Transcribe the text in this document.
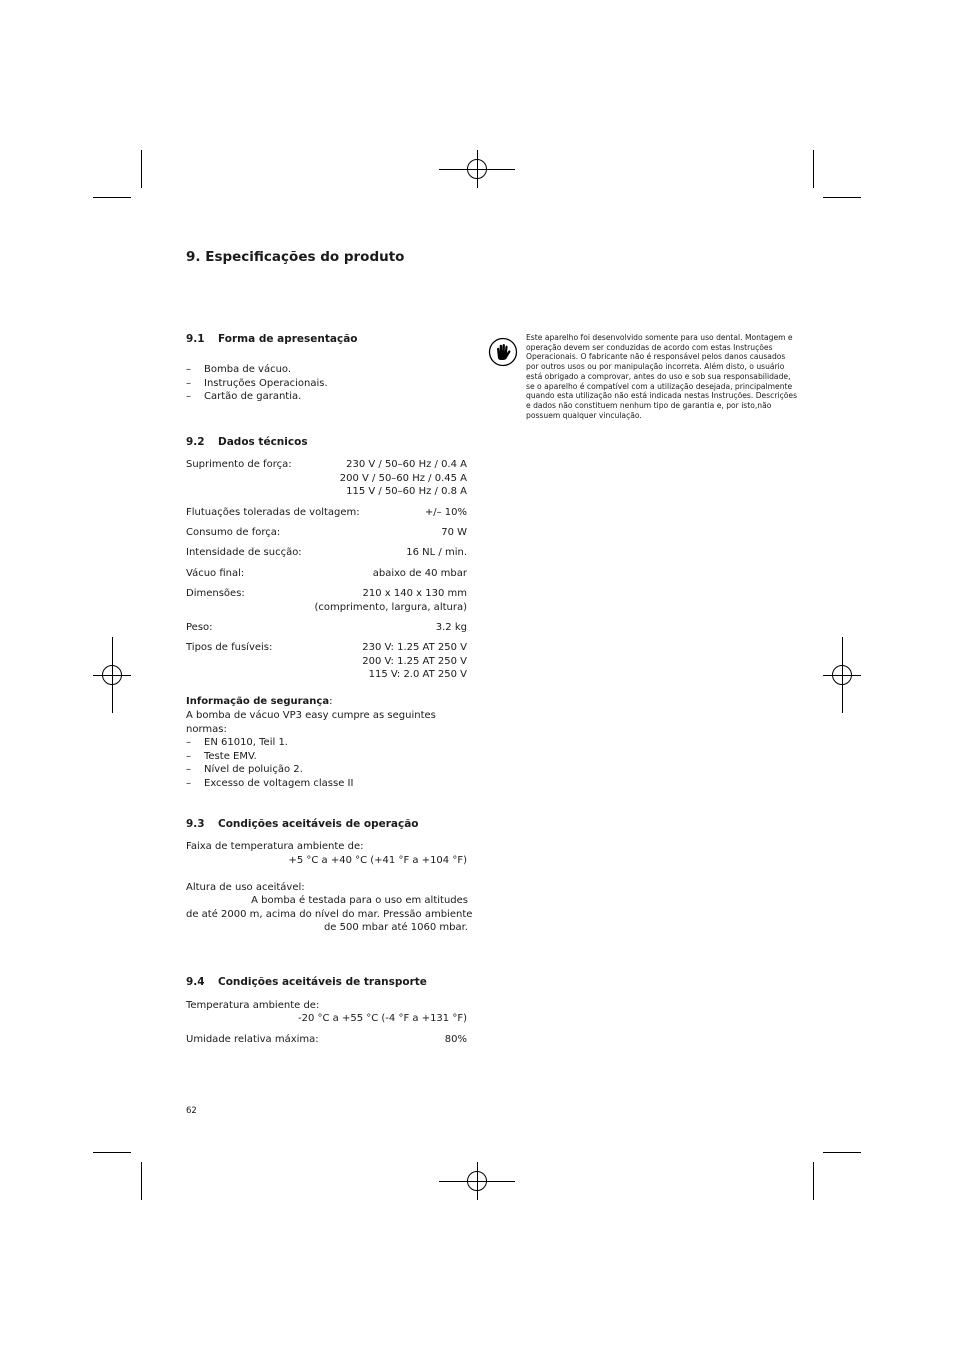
9. Especificações do produto
9.1 Forma de apresentação
– Bomba de vácuo.
– Instruções Operacionais.
– Cartão de garantia.
9.2 Dados técnicos
Suprimento de força:	230 V / 50–60 Hz / 0.4 A
200 V / 50–60 Hz / 0.45 A
115 V / 50–60 Hz / 0.8 A
Flutuações toleradas de voltagem:	+/– 10%
Consumo de força:	70 W
Intensidade de sucção:	16 NL / min.
Vácuo final:	abaixo de 40 mbar
Dimensões:	210 x 140 x 130 mm
(comprimento, largura, altura)
Peso:	3.2 kg
Tipos de fusíveis:	230 V: 1.25 AT 250 V
200 V: 1.25 AT 250 V
115 V: 2.0 AT 250 V
Informação de segurança:
A bomba de vácuo VP3 easy cumpre as seguintes
normas:
– EN 61010, Teil 1.
– Teste EMV.
– Nível de poluição 2.
– Excesso de voltagem classe II
9.3 Condições aceitáveis de operação
Faixa de temperatura ambiente de:
+5 °C a +40 °C (+41 °F a +104 °F)
Altura de uso aceitável:
A bomba é testada para o uso em altitudes
de até 2000 m, acima do nível do mar. Pressão ambiente
de 500 mbar até 1060 mbar.
9.4 Condições aceitáveis de transporte
Temperatura ambiente de:
-20 °C a +55 °C (-4 °F a +131 °F)
Umidade relativa máxima:	80%
Este aparelho foi desenvolvido somente para uso dental. Montagem e
operação devem ser conduzidas de acordo com estas Instruções
Operacionais. O fabricante não é responsável pelos danos causados
por outros usos ou por manipulação incorreta. Além disto, o usuário
está obrigado a comprovar, antes do uso e sob sua responsabilidade,
se o aparelho é compatível com a utilização desejada, principalmente
quando esta utilização não está indicada nestas Instruções. Descrições
e dados não constituem nenhum tipo de garantia e, por isto,não
possuem qualquer vinculação.
62
